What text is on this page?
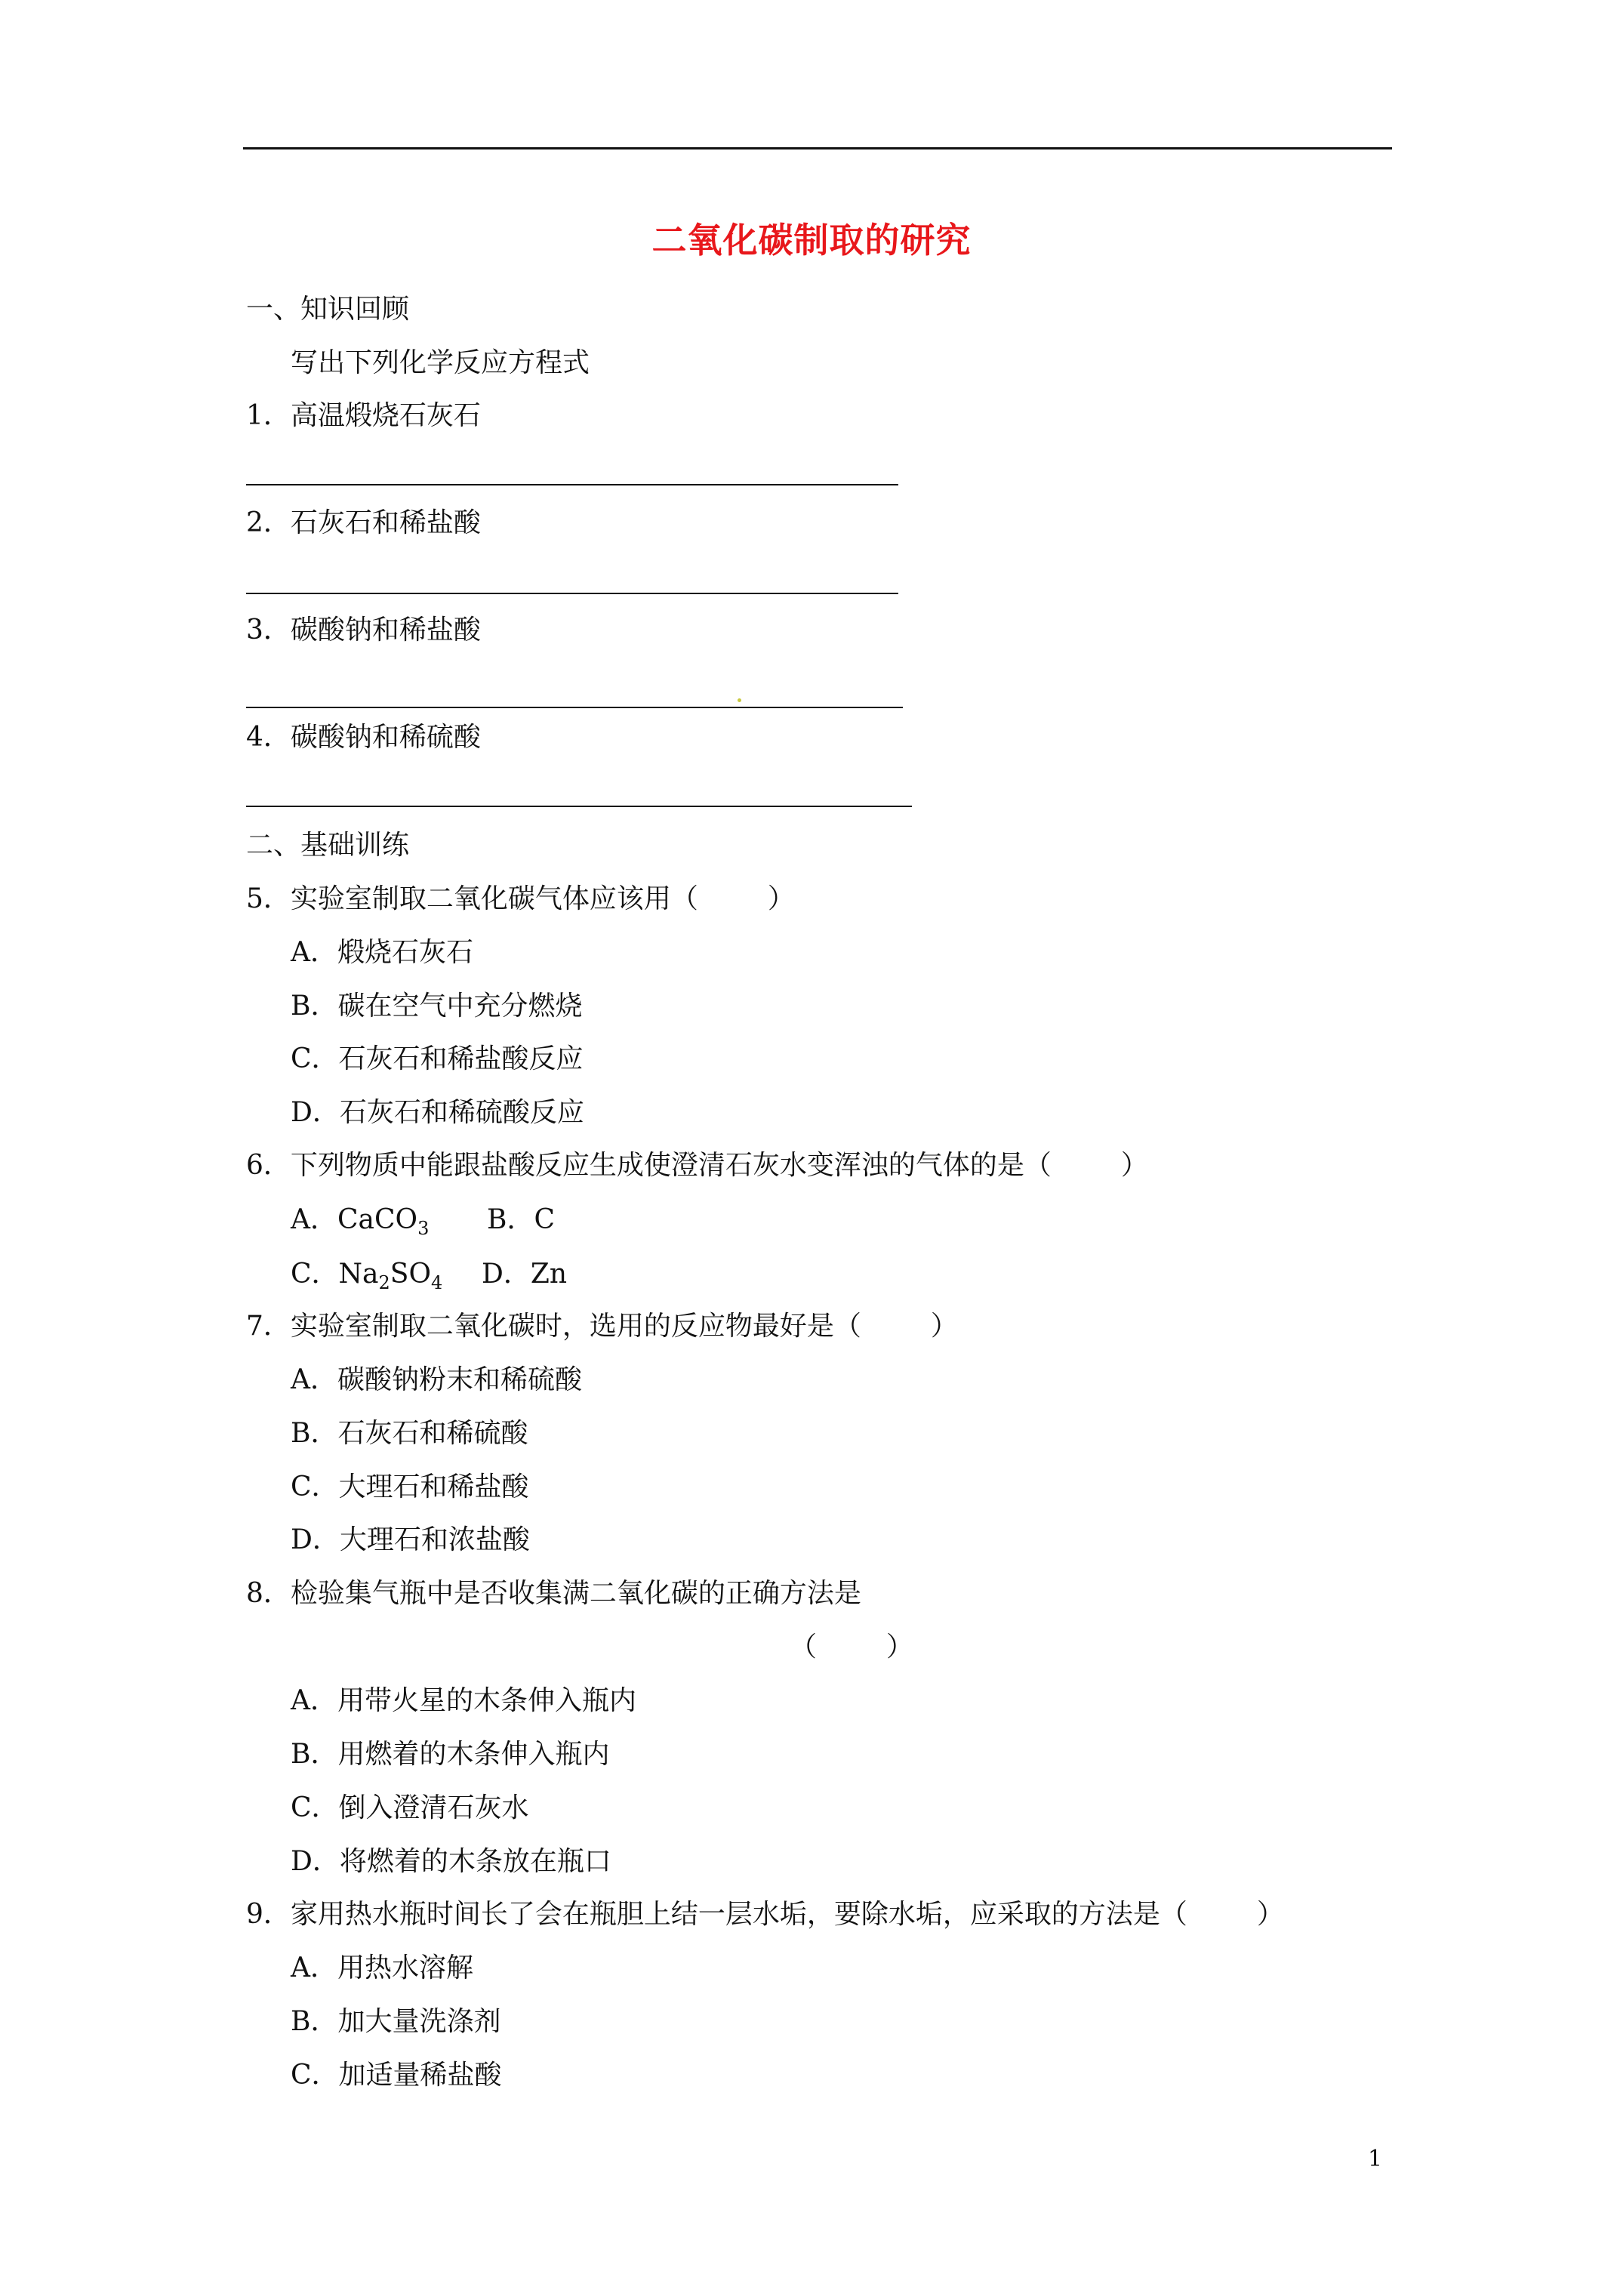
二氧化碳制取的研究
一、知识回顾
写出下列化学反应方程式
1．高温煅烧石灰石
2．石灰石和稀盐酸
3．碳酸钠和稀盐酸
4．碳酸钠和稀硫酸
二、基础训练
5．实验室制取二氧化碳气体应该用（	）
A．煅烧石灰石
B．碳在空气中充分燃烧
C．石灰石和稀盐酸反应
D．石灰石和稀硫酸反应
6．下列物质中能跟盐酸反应生成使澄清石灰水变浑浊的气体的是（	）
A．CaCO$_3$ B．C
C．$Na_2SO_4$ D．Zn
7．实验室制取二氧化碳时，选用的反应物最好是（	）
A．碳酸钠粉末和稀硫酸
B．石灰石和稀硫酸
C．大理石和稀盐酸
D．大理石和浓盐酸
8．检验集气瓶中是否收集满二氧化碳的正确方法是
（	）
A．用带火星的木条伸入瓶内
B．用燃着的木条伸入瓶内
C．倒入澄清石灰水
D．将燃着的木条放在瓶口
9．家用热水瓶时间长了会在瓶胆上结一层水垢，要除水垢，应采取的方法是（	）
A．用热水溶解
B．加大量洗涤剂
C．加适量稀盐酸
1
